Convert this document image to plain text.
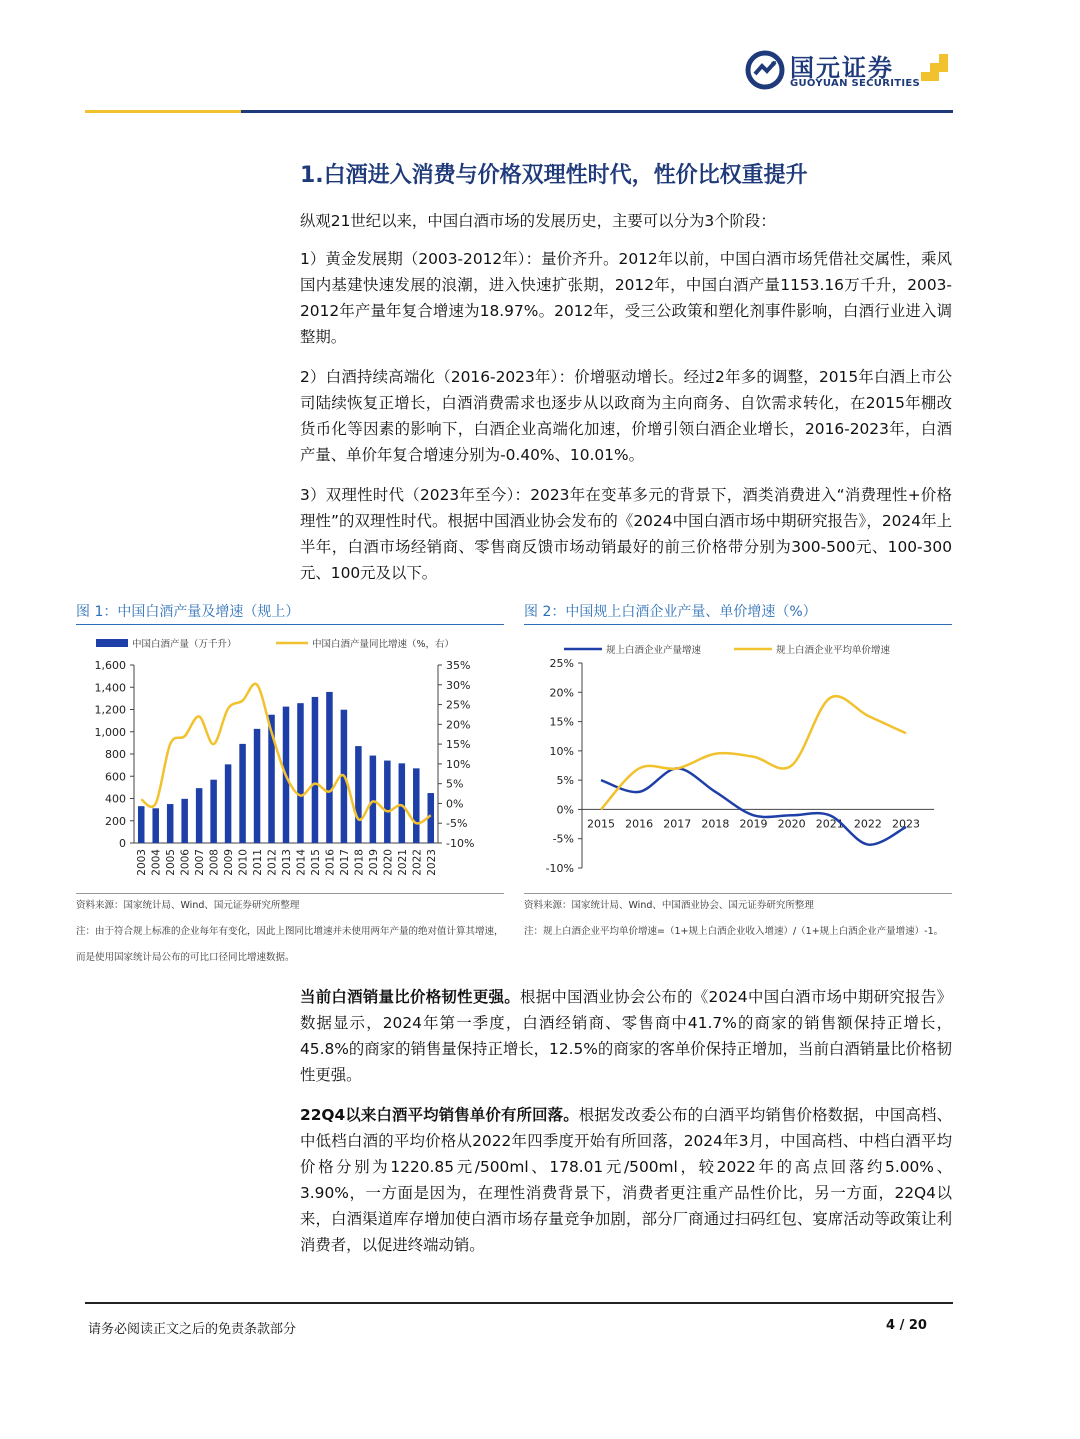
国元证券
GUOYUAN SECURITIES
1.白酒进入消费与价格双理性时代，性价比权重提升
纵观21世纪以来，中国白酒市场的发展历史，主要可以分为3个阶段：
1）黄金发展期（2003-2012年）：量价齐升。2012年以前，中国白酒市场凭借社交属性，乘风国内基建快速发展的浪潮，进入快速扩张期，2012年，中国白酒产量1153.16万千升，2003-2012年产量年复合增速为18.97%。2012年，受三公政策和塑化剂事件影响，白酒行业进入调整期。
2）白酒持续高端化（2016-2023年）：价增驱动增长。经过2年多的调整，2015年白酒上市公司陆续恢复正增长，白酒消费需求也逐步从以政商为主向商务、自饮需求转化，在2015年棚改货币化等因素的影响下，白酒企业高端化加速，价增引领白酒企业增长，2016-2023年，白酒产量、单价年复合增速分别为-0.40%、10.01%。
3）双理性时代（2023年至今）：2023年在变革多元的背景下，酒类消费进入“消费理性+价格理性”的双理性时代。根据中国酒业协会发布的《2024中国白酒市场中期研究报告》，2024年上半年，白酒市场经销商、零售商反馈市场动销最好的前三价格带分别为300-500元、100-300元、100元及以下。
图 1：中国白酒产量及增速（规上）
中国白酒产量（万千升）	中国白酒产量同比增速（%，右）
0
200
400
600
800
1,000
1,200
1,400
1,600
-10%
-5%
0%
5%
10%
15%
20%
25%
30%
35%
2003 2004 2005 2006 2007 2008 2009 2010 2011 2012 2013 2014 2015 2016 2017 2018 2019 2020 2021 2022 2023
资料来源：国家统计局、Wind、国元证券研究所整理
注：由于符合规上标准的企业每年有变化，因此上图同比增速并未使用两年产量的绝对值计算其增速，而是使用国家统计局公布的可比口径同比增速数据。
图 2：中国规上白酒企业产量、单价增速（%）
规上白酒企业产量增速	规上白酒企业平均单价增速
-10%
-5%
0%
5%
10%
15%
20%
25%
2015 2016 2017 2018 2019 2020 2021 2022 2023
资料来源：国家统计局、Wind、中国酒业协会、国元证券研究所整理
注：规上白酒企业平均单价增速=（1+规上白酒企业收入增速）/（1+规上白酒企业产量增速）-1。
当前白酒销量比价格韧性更强。根据中国酒业协会公布的《2024中国白酒市场中期研究报告》数据显示，2024年第一季度，白酒经销商、零售商中41.7%的商家的销售额保持正增长，45.8%的商家的销售量保持正增长，12.5%的商家的客单价保持正增加，当前白酒销量比价格韧性更强。
22Q4以来白酒平均销售单价有所回落。根据发改委公布的白酒平均销售价格数据，中国高档、中低档白酒的平均价格从2022年四季度开始有所回落，2024年3月，中国高档、中档白酒平均价格分别为1220.85元/500ml、178.01元/500ml，较2022年的高点回落约5.00%、3.90%，一方面是因为，在理性消费背景下，消费者更注重产品性价比，另一方面，22Q4以来，白酒渠道库存增加使白酒市场存量竞争加剧，部分厂商通过扫码红包、宴席活动等政策让利消费者，以促进终端动销。
请务必阅读正文之后的免责条款部分	4 / 20
